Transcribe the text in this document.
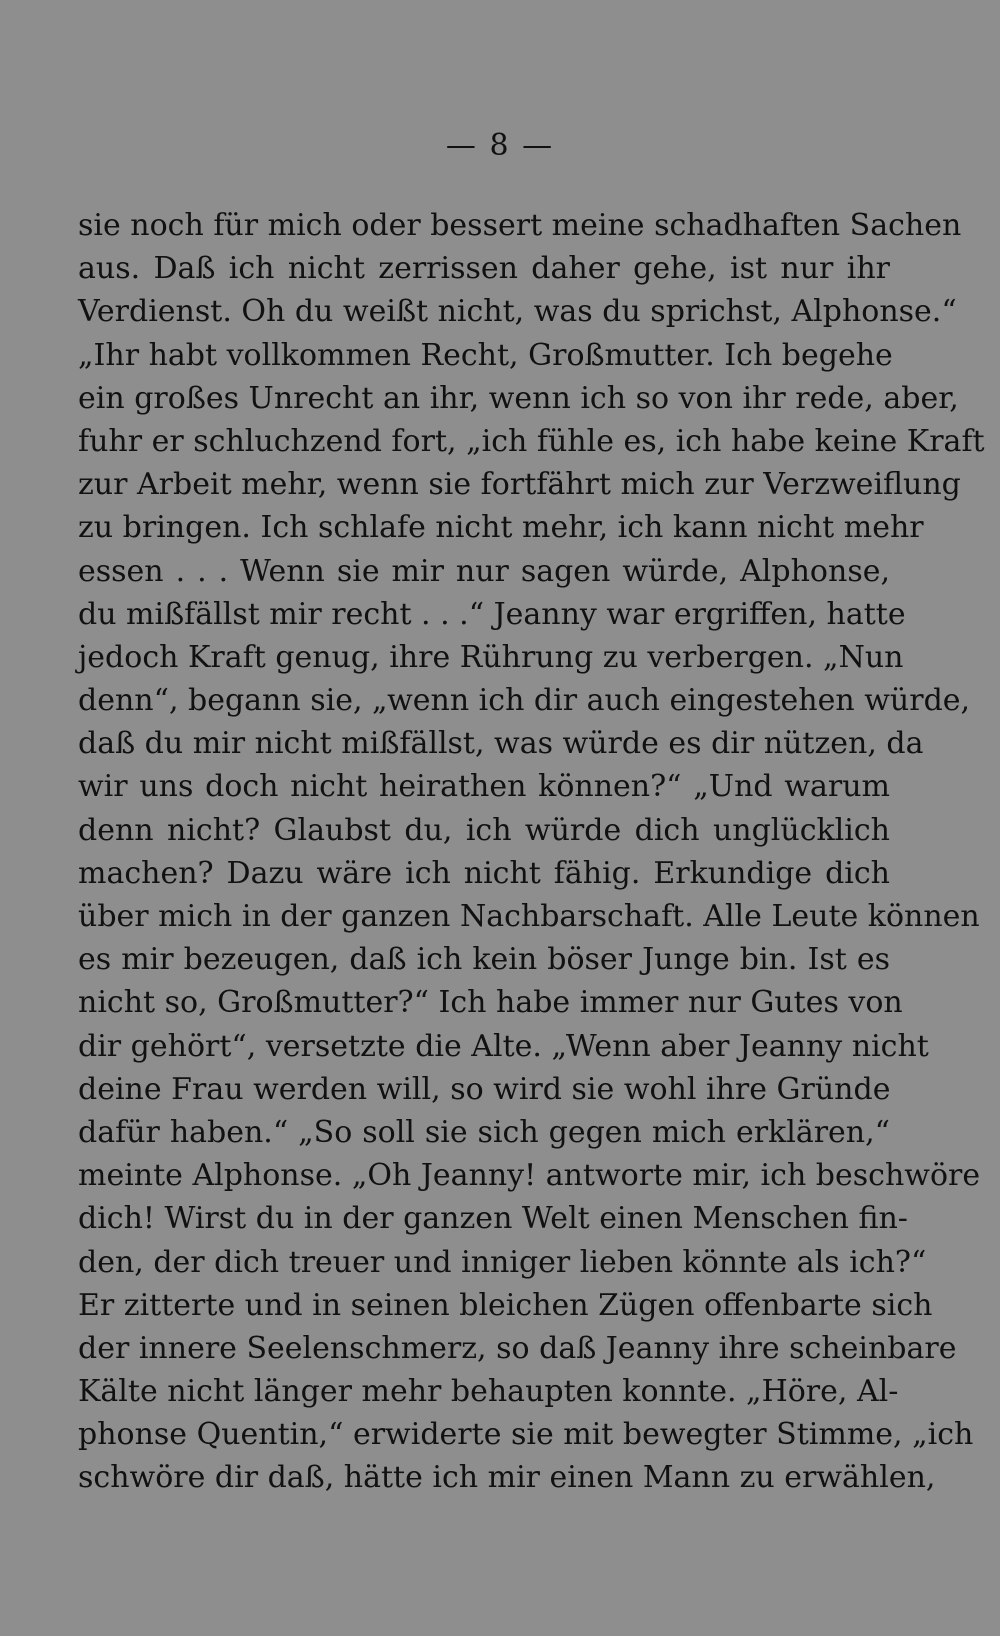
— 8 —
sie noch für mich oder bessert meine schadhaften Sachen
aus. Daß ich nicht zerrissen daher gehe, ist nur ihr
Verdienst. Oh du weißt nicht, was du sprichst, Alphonse.“
„Ihr habt vollkommen Recht, Großmutter. Ich begehe
ein großes Unrecht an ihr, wenn ich so von ihr rede, aber,
fuhr er schluchzend fort, „ich fühle es, ich habe keine Kraft
zur Arbeit mehr, wenn sie fortfährt mich zur Verzweiflung
zu bringen. Ich schlafe nicht mehr, ich kann nicht mehr
essen . . . Wenn sie mir nur sagen würde, Alphonse,
du mißfällst mir recht . . .“ Jeanny war ergriffen, hatte
jedoch Kraft genug, ihre Rührung zu verbergen. „Nun
denn“, begann sie, „wenn ich dir auch eingestehen würde,
daß du mir nicht mißfällst, was würde es dir nützen, da
wir uns doch nicht heirathen können?“ „Und warum
denn nicht? Glaubst du, ich würde dich unglücklich
machen? Dazu wäre ich nicht fähig. Erkundige dich
über mich in der ganzen Nachbarschaft. Alle Leute können
es mir bezeugen, daß ich kein böser Junge bin. Ist es
nicht so, Großmutter?“ Ich habe immer nur Gutes von
dir gehört“, versetzte die Alte. „Wenn aber Jeanny nicht
deine Frau werden will, so wird sie wohl ihre Gründe
dafür haben.“ „So soll sie sich gegen mich erklären,“
meinte Alphonse. „Oh Jeanny! antworte mir, ich beschwöre
dich! Wirst du in der ganzen Welt einen Menschen fin-
den, der dich treuer und inniger lieben könnte als ich?“
Er zitterte und in seinen bleichen Zügen offenbarte sich
der innere Seelenschmerz, so daß Jeanny ihre scheinbare
Kälte nicht länger mehr behaupten konnte. „Höre, Al-
phonse Quentin,“ erwiderte sie mit bewegter Stimme, „ich
schwöre dir daß, hätte ich mir einen Mann zu erwählen,
